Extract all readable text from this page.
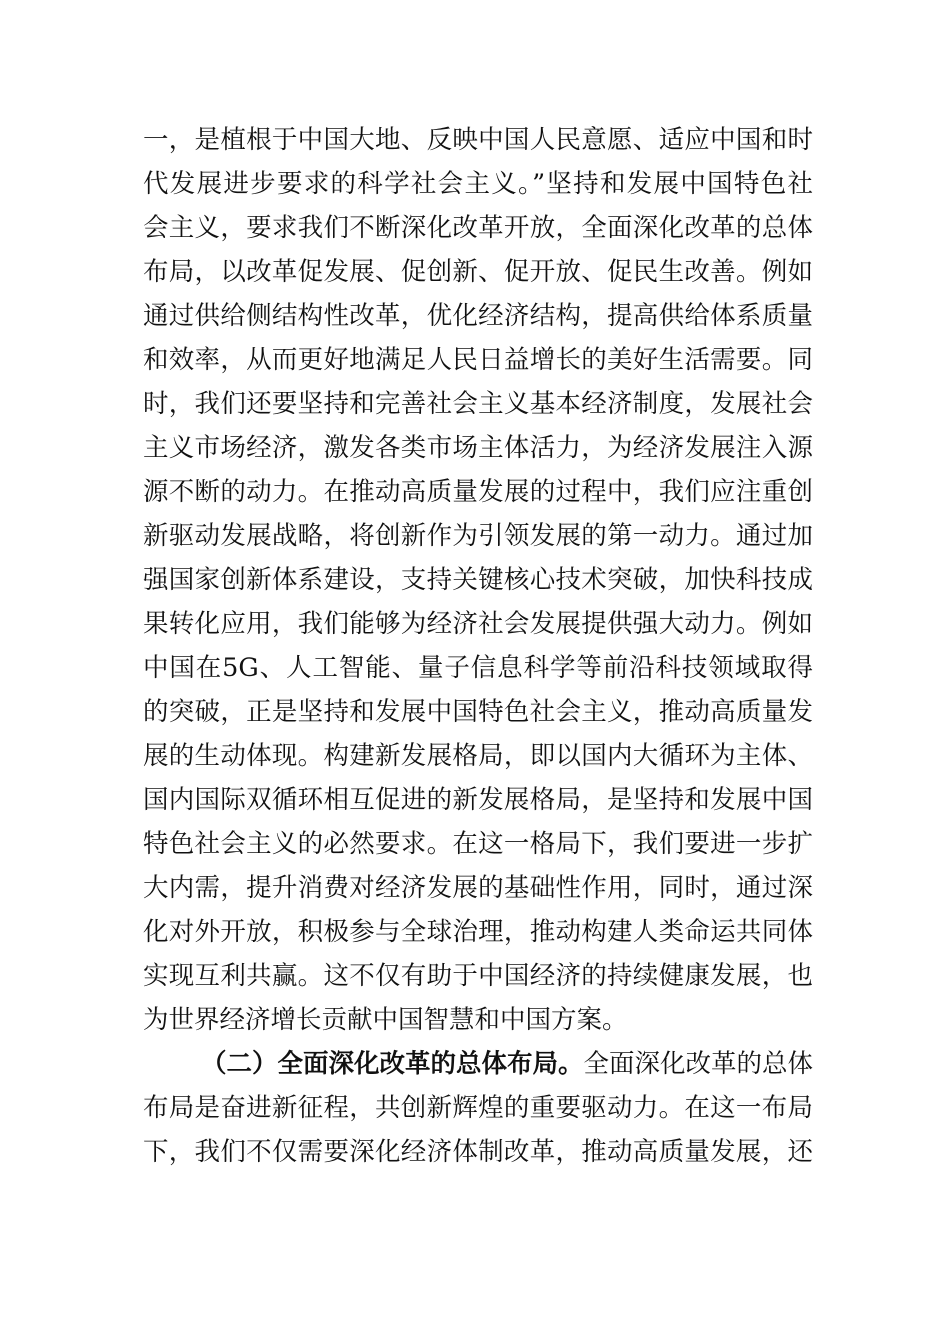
一，是植根于中国大地、反映中国人民意愿、适应中国和时
代发展进步要求的科学社会主义。”坚持和发展中国特色社
会主义，要求我们不断深化改革开放，全面深化改革的总体
布局，以改革促发展、促创新、促开放、促民生改善。例如
通过供给侧结构性改革，优化经济结构，提高供给体系质量
和效率，从而更好地满足人民日益增长的美好生活需要。同
时，我们还要坚持和完善社会主义基本经济制度，发展社会
主义市场经济，激发各类市场主体活力，为经济发展注入源
源不断的动力。在推动高质量发展的过程中，我们应注重创
新驱动发展战略，将创新作为引领发展的第一动力。通过加
强国家创新体系建设，支持关键核心技术突破，加快科技成
果转化应用，我们能够为经济社会发展提供强大动力。例如
中国在5G、人工智能、量子信息科学等前沿科技领域取得
的突破，正是坚持和发展中国特色社会主义，推动高质量发
展的生动体现。构建新发展格局，即以国内大循环为主体、
国内国际双循环相互促进的新发展格局，是坚持和发展中国
特色社会主义的必然要求。在这一格局下，我们要进一步扩
大内需，提升消费对经济发展的基础性作用，同时，通过深
化对外开放，积极参与全球治理，推动构建人类命运共同体
实现互利共赢。这不仅有助于中国经济的持续健康发展，也
为世界经济增长贡献中国智慧和中国方案。
（二）全面深化改革的总体布局。全面深化改革的总体
布局是奋进新征程，共创新辉煌的重要驱动力。在这一布局
下，我们不仅需要深化经济体制改革，推动高质量发展，还
